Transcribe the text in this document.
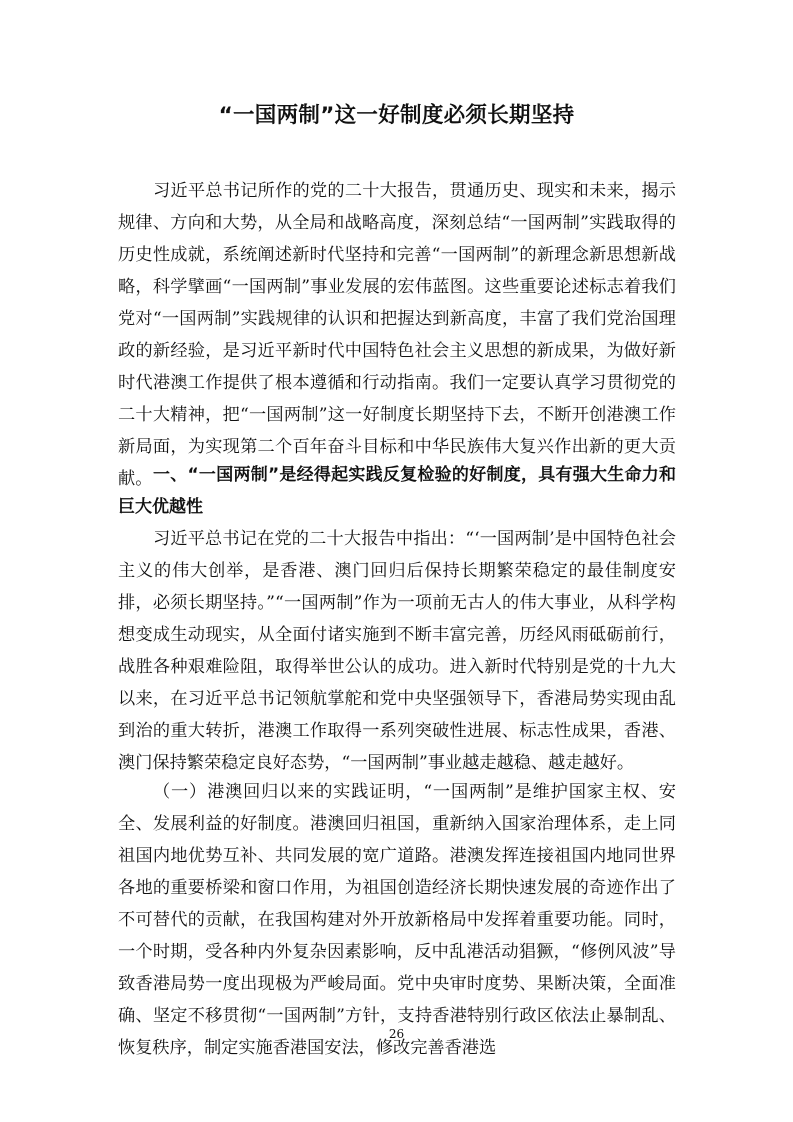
“一国两制”这一好制度必须长期坚持

习近平总书记所作的党的二十大报告，贯通历史、现实和未来，揭示规律、方向和大势，从全局和战略高度，深刻总结“一国两制”实践取得的历史性成就，系统阐述新时代坚持和完善“一国两制”的新理念新思想新战略，科学擘画“一国两制”事业发展的宏伟蓝图。这些重要论述标志着我们党对“一国两制”实践规律的认识和把握达到新高度，丰富了我们党治国理政的新经验，是习近平新时代中国特色社会主义思想的新成果，为做好新时代港澳工作提供了根本遵循和行动指南。我们一定要认真学习贯彻党的二十大精神，把“一国两制”这一好制度长期坚持下去，不断开创港澳工作新局面，为实现第二个百年奋斗目标和中华民族伟大复兴作出新的更大贡献。 一、“一国两制”是经得起实践反复检验的好制度，具有强大生命力和巨大优越性

习近平总书记在党的二十大报告中指出：“‘一国两制’是中国特色社会主义的伟大创举，是香港、澳门回归后保持长期繁荣稳定的最佳制度安排，必须长期坚持。”“一国两制”作为一项前无古人的伟大事业，从科学构想变成生动现实，从全面付诸实施到不断丰富完善，历经风雨砥砺前行，战胜各种艰难险阻，取得举世公认的成功。进入新时代特别是党的十九大以来，在习近平总书记领航掌舵和党中央坚强领导下，香港局势实现由乱到治的重大转折，港澳工作取得一系列突破性进展、标志性成果，香港、澳门保持繁荣稳定良好态势，“一国两制”事业越走越稳、越走越好。

（一）港澳回归以来的实践证明，“一国两制”是维护国家主权、安全、发展利益的好制度。港澳回归祖国，重新纳入国家治理体系，走上同祖国内地优势互补、共同发展的宽广道路。港澳发挥连接祖国内地同世界各地的重要桥梁和窗口作用，为祖国创造经济长期快速发展的奇迹作出了不可替代的贡献，在我国构建对外开放新格局中发挥着重要功能。同时，一个时期，受各种内外复杂因素影响，反中乱港活动猖獗，“修例风波”导致香港局势一度出现极为严峻局面。党中央审时度势、果断决策，全面准确、坚定不移贯彻“一国两制”方针，支持香港特别行政区依法止暴制乱、恢复秩序，制定实施香港国安法，修改完善香港选

26
